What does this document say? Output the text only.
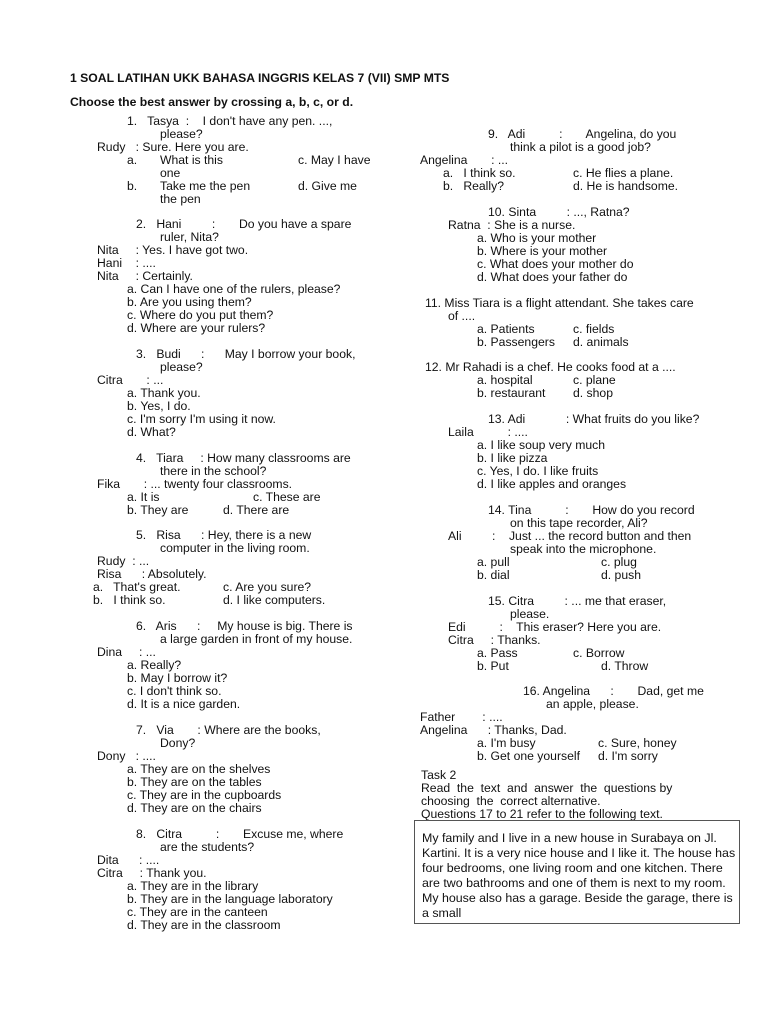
1 SOAL LATIHAN UKK BAHASA INGGRIS KELAS 7 (VII) SMP MTS
Choose the best answer by crossing a, b, c, or d.
1.   Tasya  :    I don't have any pen. ...,
please?
Rudy   : Sure. Here you are.
a. What is this	c. May I have
one
b. Take me the pen	d. Give me
the pen
2.   Hani         :       Do you have a spare
ruler, Nita?
Nita     : Yes. I have got two.
Hani    : ....
Nita     : Certainly.
a. Can I have one of the rulers, please?
b. Are you using them?
c. Where do you put them?
d. Where are your rulers?
3.   Budi      :      May I borrow your book,
please?
Citra       : ...
a. Thank you.
b. Yes, I do.
c. I'm sorry I'm using it now.
d. What?
4.   Tiara     : How many classrooms are
there in the school?
Fika       : ... twenty four classrooms.
a. It is	c. These are
b. They are	d. There are
5.   Risa      : Hey, there is a new
computer in the living room.
Rudy  : ...
Risa      : Absolutely.
a.   That's great.	c. Are you sure?
b.   I think so.	d. I like computers.
6.   Aris      :     My house is big. There is
a large garden in front of my house.
Dina     : ...
a. Really?
b. May I borrow it?
c. I don't think so.
d. It is a nice garden.
7.   Via       : Where are the books,
Dony?
Dony   : ....
a. They are on the shelves
b. They are on the tables
c. They are in the cupboards
d. They are on the chairs
8.   Citra          :       Excuse me, where
are the students?
Dita      : ....
Citra     : Thank you.
a. They are in the library
b. They are in the language laboratory
c. They are in the canteen
d. They are in the classroom
9.   Adi          :       Angelina, do you
think a pilot is a good job?
Angelina       : ...
a.   I think so.	c. He flies a plane.
b.   Really?	d. He is handsome.
10. Sinta         : ..., Ratna?
Ratna  : She is a nurse.
a. Who is your mother
b. Where is your mother
c. What does your mother do
d. What does your father do
11. Miss Tiara is a flight attendant. She takes care
of ....
a. Patients	c. fields
b. Passengers d. animals
12. Mr Rahadi is a chef. He cooks food at a ....
a. hospital	c. plane
b. restaurant d. shop
13. Adi            : What fruits do you like?
Laila          : ....
a. I like soup very much
b. I like pizza
c. Yes, I do. I like fruits
d. I like apples and oranges
14. Tina          :       How do you record
on this tape recorder, Ali?
Ali         :    Just ... the record button and then
speak into the microphone.
a. pull	c. plug
b. dial	d. push
15. Citra         : ... me that eraser,
please.
Edi          :    This eraser? Here you are.
Citra     : Thanks.
a. Pass	c. Borrow
b. Put	d. Throw
16. Angelina      :       Dad, get me
an apple, please.
Father        : ....
Angelina      : Thanks, Dad.
a. I'm busy	c. Sure, honey
b. Get one yourself d. I'm sorry
Task 2
Read  the  text  and  answer  the  questions by
choosing  the  correct alternative.
Questions 17 to 21 refer to the following text.

My family and I live in a new house in Surabaya on Jl. Kartini. It is a very nice house and I like it. The house has four bedrooms, one living room and one kitchen. There are two bathrooms and one of them is next to my room. My house also has a garage. Beside the garage, there is a small
